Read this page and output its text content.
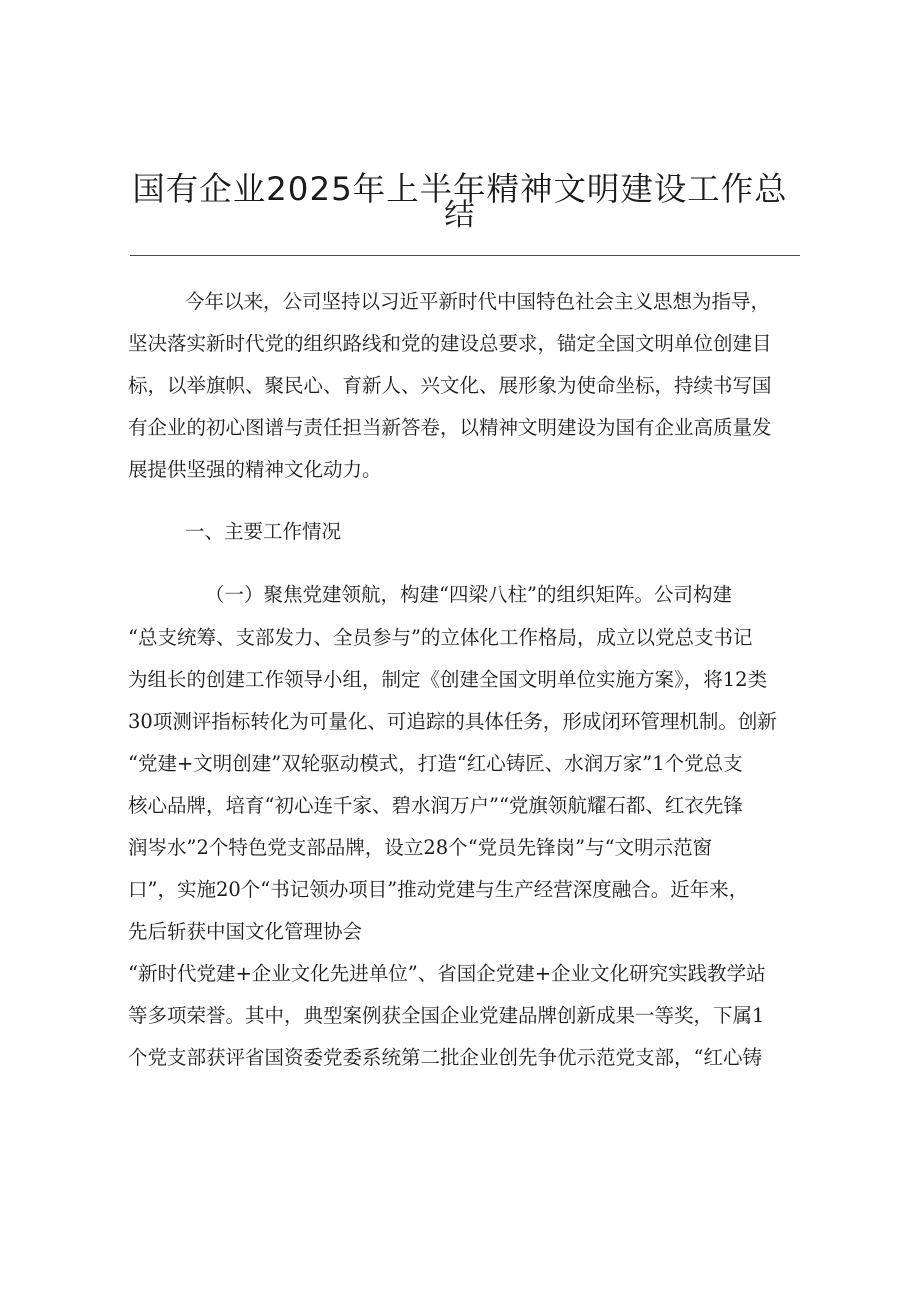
国有企业2025年上半年精神文明建设工作总
结
今年以来，公司坚持以习近平新时代中国特色社会主义思想为指导，
坚决落实新时代党的组织路线和党的建设总要求，锚定全国文明单位创建目
标，以举旗帜、聚民心、育新人、兴文化、展形象为使命坐标，持续书写国
有企业的初心图谱与责任担当新答卷，以精神文明建设为国有企业高质量发
展提供坚强的精神文化动力。
一、主要工作情况
（一）聚焦党建领航，构建“四梁八柱”的组织矩阵。公司构建
“总支统筹、支部发力、全员参与”的立体化工作格局，成立以党总支书记
为组长的创建工作领导小组，制定《创建全国文明单位实施方案》，将12类
30项测评指标转化为可量化、可追踪的具体任务，形成闭环管理机制。创新
“党建+文明创建”双轮驱动模式，打造“红心铸匠、水润万家”1个党总支
核心品牌，培育“初心连千家、碧水润万户”“党旗领航耀石都、红衣先锋
润岑水”2个特色党支部品牌，设立28个“党员先锋岗”与“文明示范窗
口”，实施20个“书记领办项目”推动党建与生产经营深度融合。近年来，
先后斩获中国文化管理协会
“新时代党建+企业文化先进单位”、省国企党建+企业文化研究实践教学站
等多项荣誉。其中，典型案例获全国企业党建品牌创新成果一等奖，下属1
个党支部获评省国资委党委系统第二批企业创先争优示范党支部，“红心铸
